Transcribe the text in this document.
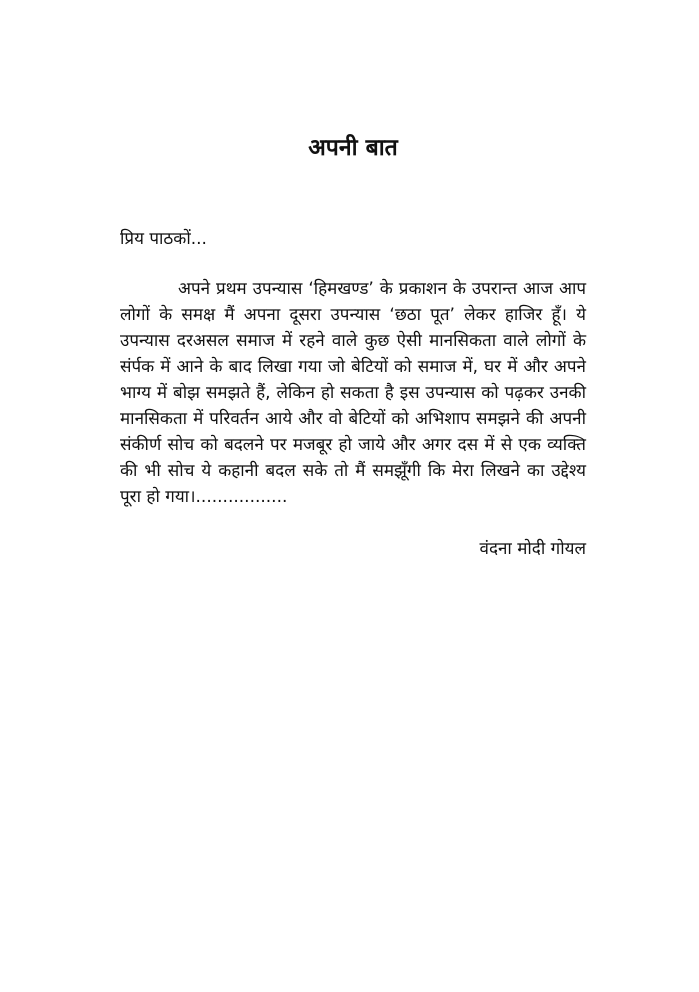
अपनी बात

प्रिय पाठकों...

अपने प्रथम उपन्यास ‘हिमखण्ड’ के प्रकाशन के उपरान्त आज आप लोगों के समक्ष मैं अपना दूसरा उपन्यास ‘छठा पूत’ लेकर हाजिर हूँ। ये उपन्यास दरअसल समाज में रहने वाले कुछ ऐसी मानसिकता वाले लोगों के संर्पक में आने के बाद लिखा गया जो बेटियों को समाज में, घर में और अपने भाग्य में बोझ समझते हैं, लेकिन हो सकता है इस उपन्यास को पढ़कर उनकी मानसिकता में परिवर्तन आये और वो बेटियों को अभिशाप समझने की अपनी संकीर्ण सोच को बदलने पर मजबूर हो जाये और अगर दस में से एक व्यक्ति की भी सोच ये कहानी बदल सके तो मैं समझूँगी कि मेरा लिखने का उद्देश्य पूरा हो गया।.................

वंदना मोदी गोयल
